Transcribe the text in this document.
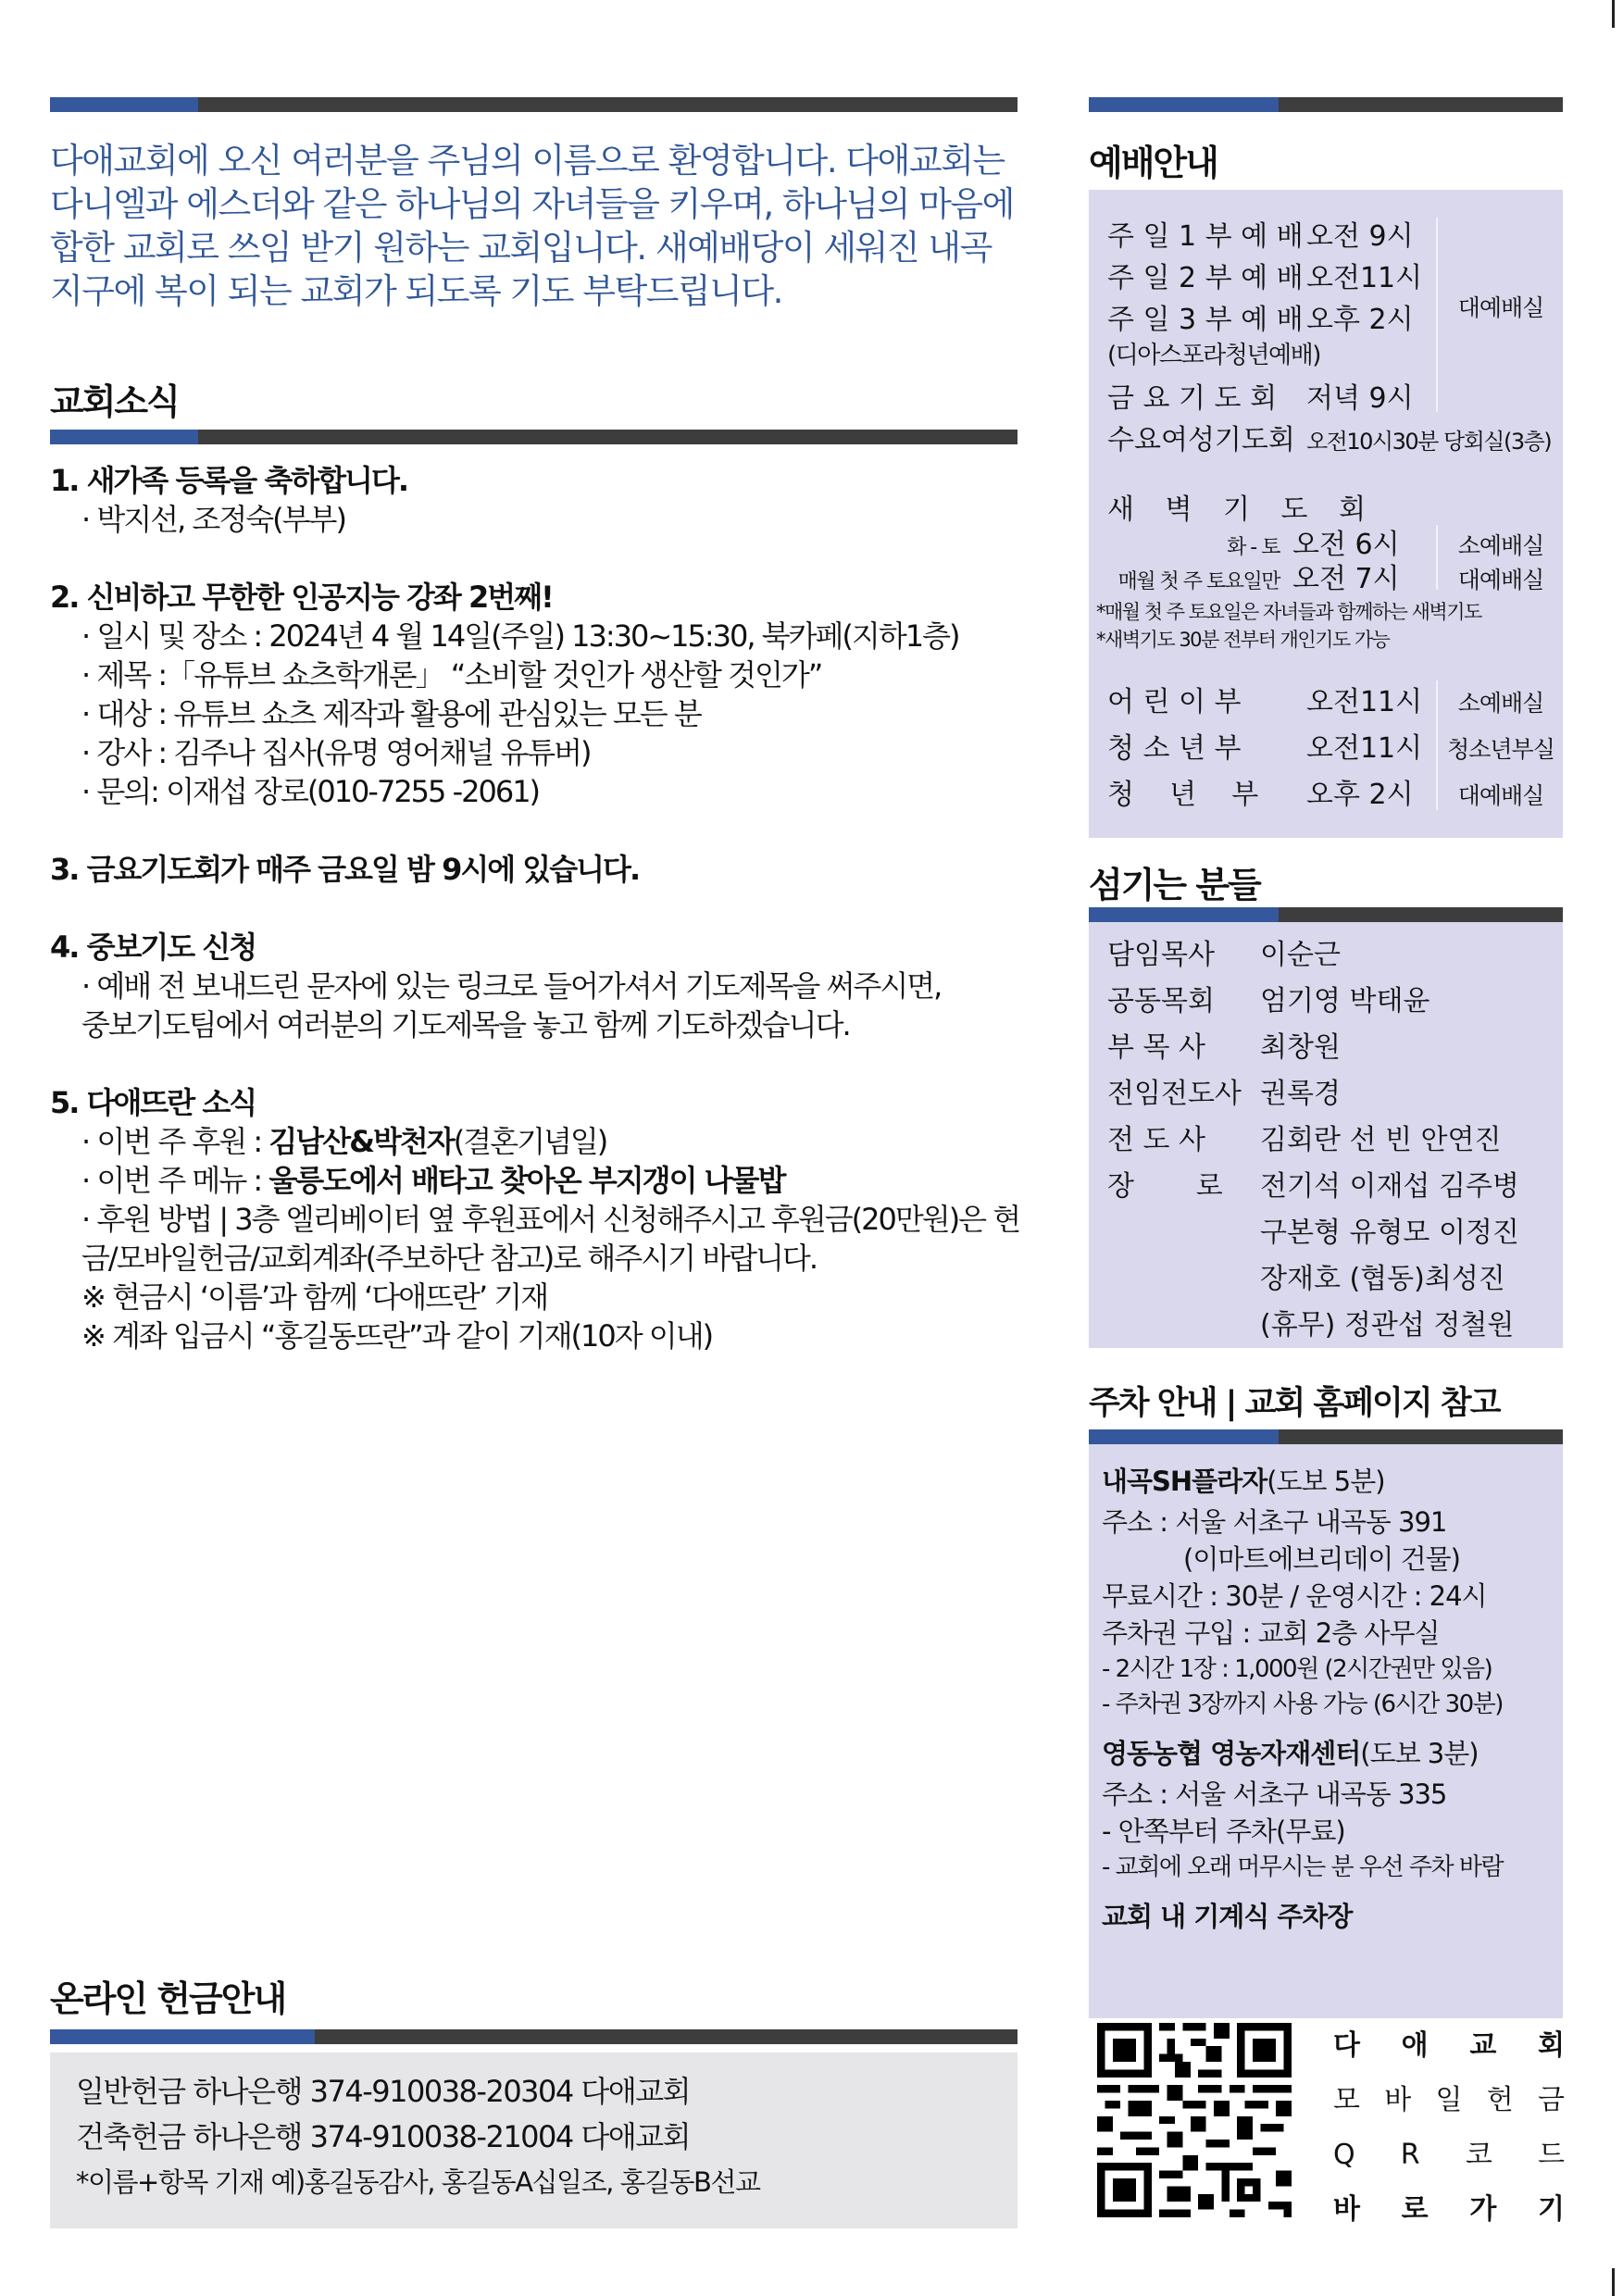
다애교회에 오신 여러분을 주님의 이름으로 환영합니다. 다애교회는 다니엘과 에스더와 같은 하나님의 자녀들을 키우며, 하나님의 마음에 합한 교회로 쓰임 받기 원하는 교회입니다. 새예배당이 세워진 내곡지구에 복이 되는 교회가 되도록 기도 부탁드립니다.

교회소식
1. 새가족 등록을 축하합니다.
· 박지선, 조정숙(부부)
2. 신비하고 무한한 인공지능 강좌 2번째!
· 일시 및 장소 : 2024년 4 월 14일(주일) 13:30~15:30, 북카페(지하1층)
· 제목 :「유튜브 쇼츠학개론」 “소비할 것인가 생산할 것인가”
· 대상 : 유튜브 쇼츠 제작과 활용에 관심있는 모든 분
· 강사 : 김주나 집사(유명 영어채널 유튜버)
· 문의: 이재섭 장로(010-7255 -2061)
3. 금요기도회가 매주 금요일 밤 9시에 있습니다.
4. 중보기도 신청
· 예배 전 보내드린 문자에 있는 링크로 들어가셔서 기도제목을 써주시면,
중보기도팀에서 여러분의 기도제목을 놓고 함께 기도하겠습니다.
5. 다애뜨란 소식
· 이번 주 후원 : 김남산&박천자(결혼기념일)
· 이번 주 메뉴 : 울릉도에서 배타고 찾아온 부지갱이 나물밥
· 후원 방법 | 3층 엘리베이터 옆 후원표에서 신청해주시고 후원금(20만원)은 현금/모바일헌금/교회계좌(주보하단 참고)로 해주시기 바랍니다.
※ 현금시 ‘이름’과 함께 ‘다애뜨란’ 기재
※ 계좌 입금시 “홍길동뜨란”과 같이 기재(10자 이내)
온라인 헌금안내
일반헌금 하나은행 374-910038-20304 다애교회
건축헌금 하나은행 374-910038-21004 다애교회
*이름+항목 기재 예)홍길동감사, 홍길동A십일조, 홍길동B선교
예배안내
주 일 1 부 예 배 오전 9시
주 일 2 부 예 배 오전11시
주 일 3 부 예 배 오후 2시
(디아스포라청년예배)
금 요 기 도 회 저녁 9시
대예배실
수요여성기도회 오전10시30분 당회실(3층)
새 벽 기 도 회
화 - 토 오전 6시
매월 첫 주 토요일만 오전 7시
소예배실
대예배실
*매월 첫 주 토요일은 자녀들과 함께하는 새벽기도
*새벽기도 30분 전부터 개인기도 가능
어 린 이 부 오전11시
청 소 년 부 오전11시
청    년    부 오후 2시
소예배실
청소년부실
대예배실
섬기는 분들
담임목사 이순근
공동목회 엄기영 박태윤
부 목 사 최창원
전임전도사 권록경
전 도 사 김회란 선 빈 안연진
장       로 전기석 이재섭 김주병
구본형 유형모 이정진
장재호 (협동)최성진
(휴무) 정관섭 정철원
주차 안내 | 교회 홈페이지 참고
내곡SH플라자(도보 5분)
주소 : 서울 서초구 내곡동 391
(이마트에브리데이 건물)
무료시간 : 30분 / 운영시간 : 24시
주차권 구입 : 교회 2층 사무실
- 2시간 1장 : 1,000원 (2시간권만 있음)
- 주차권 3장까지 사용 가능 (6시간 30분)
영동농협 영농자재센터(도보 3분)
주소 : 서울 서초구 내곡동 335
- 안쪽부터 주차(무료)
- 교회에 오래 머무시는 분 우선 주차 바람
교회 내 기계식 주차장
다 애 교 회
모 바 일 헌 금
Q R 코 드
바 로 가 기
